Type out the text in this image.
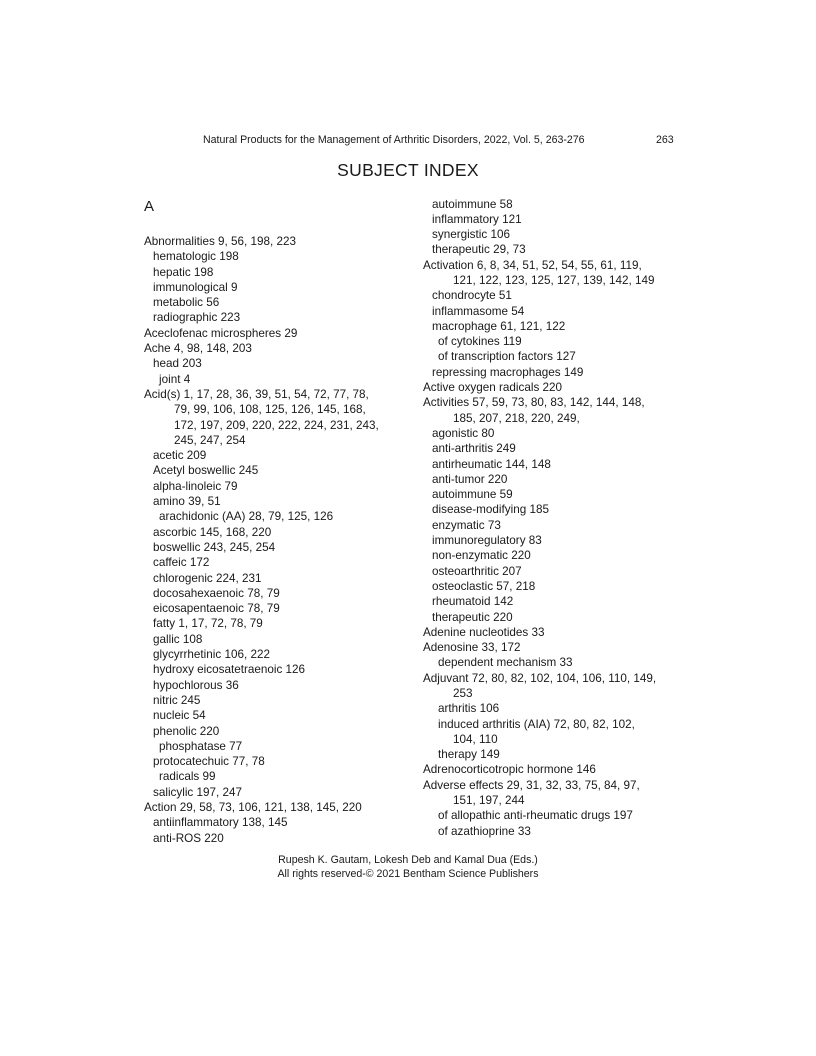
Natural Products for the Management of Arthritic Disorders, 2022, Vol. 5, 263-276	263
SUBJECT INDEX
A
Abnormalities 9, 56, 198, 223
hematologic 198
hepatic 198
immunological 9
metabolic 56
radiographic 223
Aceclofenac microspheres 29
Ache 4, 98, 148, 203
head 203
joint 4
Acid(s) 1, 17, 28, 36, 39, 51, 54, 72, 77, 78,
79, 99, 106, 108, 125, 126, 145, 168,
172, 197, 209, 220, 222, 224, 231, 243,
245, 247, 254
acetic 209
Acetyl boswellic 245
alpha-linoleic 79
amino 39, 51
arachidonic (AA) 28, 79, 125, 126
ascorbic 145, 168, 220
boswellic 243, 245, 254
caffeic 172
chlorogenic 224, 231
docosahexaenoic 78, 79
eicosapentaenoic 78, 79
fatty 1, 17, 72, 78, 79
gallic 108
glycyrrhetinic 106, 222
hydroxy eicosatetraenoic 126
hypochlorous 36
nitric 245
nucleic 54
phenolic 220
phosphatase 77
protocatechuic 77, 78
radicals 99
salicylic 197, 247
Action 29, 58, 73, 106, 121, 138, 145, 220
antiinflammatory 138, 145
anti-ROS 220
autoimmune 58
inflammatory 121
synergistic 106
therapeutic 29, 73
Activation 6, 8, 34, 51, 52, 54, 55, 61, 119,
121, 122, 123, 125, 127, 139, 142, 149
chondrocyte 51
inflammasome 54
macrophage 61, 121, 122
of cytokines 119
of transcription factors 127
repressing macrophages 149
Active oxygen radicals 220
Activities 57, 59, 73, 80, 83, 142, 144, 148,
185, 207, 218, 220, 249,
agonistic 80
anti-arthritis 249
antirheumatic 144, 148
anti-tumor 220
autoimmune 59
disease-modifying 185
enzymatic 73
immunoregulatory 83
non-enzymatic 220
osteoarthritic 207
osteoclastic 57, 218
rheumatoid 142
therapeutic 220
Adenine nucleotides 33
Adenosine 33, 172
dependent mechanism 33
Adjuvant 72, 80, 82, 102, 104, 106, 110, 149,
253
arthritis 106
induced arthritis (AIA) 72, 80, 82, 102,
104, 110
therapy 149
Adrenocorticotropic hormone 146
Adverse effects 29, 31, 32, 33, 75, 84, 97,
151, 197, 244
of allopathic anti-rheumatic drugs 197
of azathioprine 33
Rupesh K. Gautam, Lokesh Deb and Kamal Dua (Eds.)
All rights reserved-© 2021 Bentham Science Publishers
